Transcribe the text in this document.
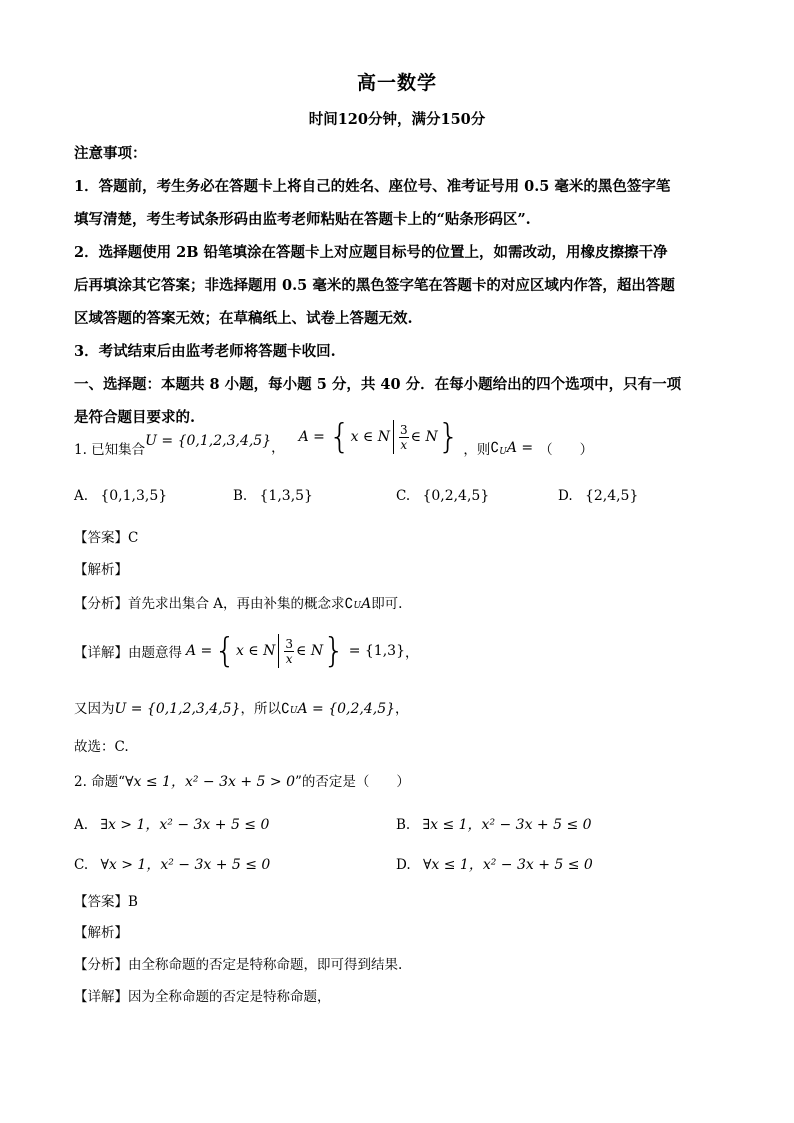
高一数学
时间120分钟，满分150分
注意事项：
1．答题前，考生务必在答题卡上将自己的姓名、座位号、准考证号用 0.5 毫米的黑色签字笔
填写清楚，考生考试条形码由监考老师粘贴在答题卡上的“贴条形码区”.
2．选择题使用 2B 铅笔填涂在答题卡上对应题目标号的位置上，如需改动，用橡皮擦擦干净
后再填涂其它答案；非选择题用 0.5 毫米的黑色签字笔在答题卡的对应区域内作答，超出答题
区域答题的答案无效；在草稿纸上、试卷上答题无效.
3．考试结束后由监考老师将答题卡收回.
一、选择题：本题共 8 小题，每小题 5 分，共 40 分．在每小题给出的四个选项中，只有一项
是符合题目要求的.
1. 已知集合
U = {0,1,2,3,4,5} ，
A = { x ∈ N $\frac{3}{x}$ ∈ N } ，则 ∁ U A = （　　）
A. {0,1,3,5}	B. {1,3,5}	C. {0,2,4,5}	D. {2,4,5}
【答案】C
【解析】
【分析】首先求出集合 A，再由补集的概念求∁UA即可.
【详解】 由题意得 A = { x ∈ N $\frac{3}{x}$ ∈ N } = {1,3} ，
又因为U = {0,1,2,3,4,5}，所以∁UA = {0,2,4,5}，
故选：C.
2. 命题“∀x ≤ 1，x² − 3x + 5 > 0”的否定是（　　）
A. ∃x > 1，x² − 3x + 5 ≤ 0	B. ∃x ≤ 1，x² − 3x + 5 ≤ 0
C. ∀x > 1，x² − 3x + 5 ≤ 0	D. ∀x ≤ 1，x² − 3x + 5 ≤ 0
【答案】B
【解析】
【分析】由全称命题的否定是特称命题，即可得到结果.
【详解】因为全称命题的否定是特称命题，
